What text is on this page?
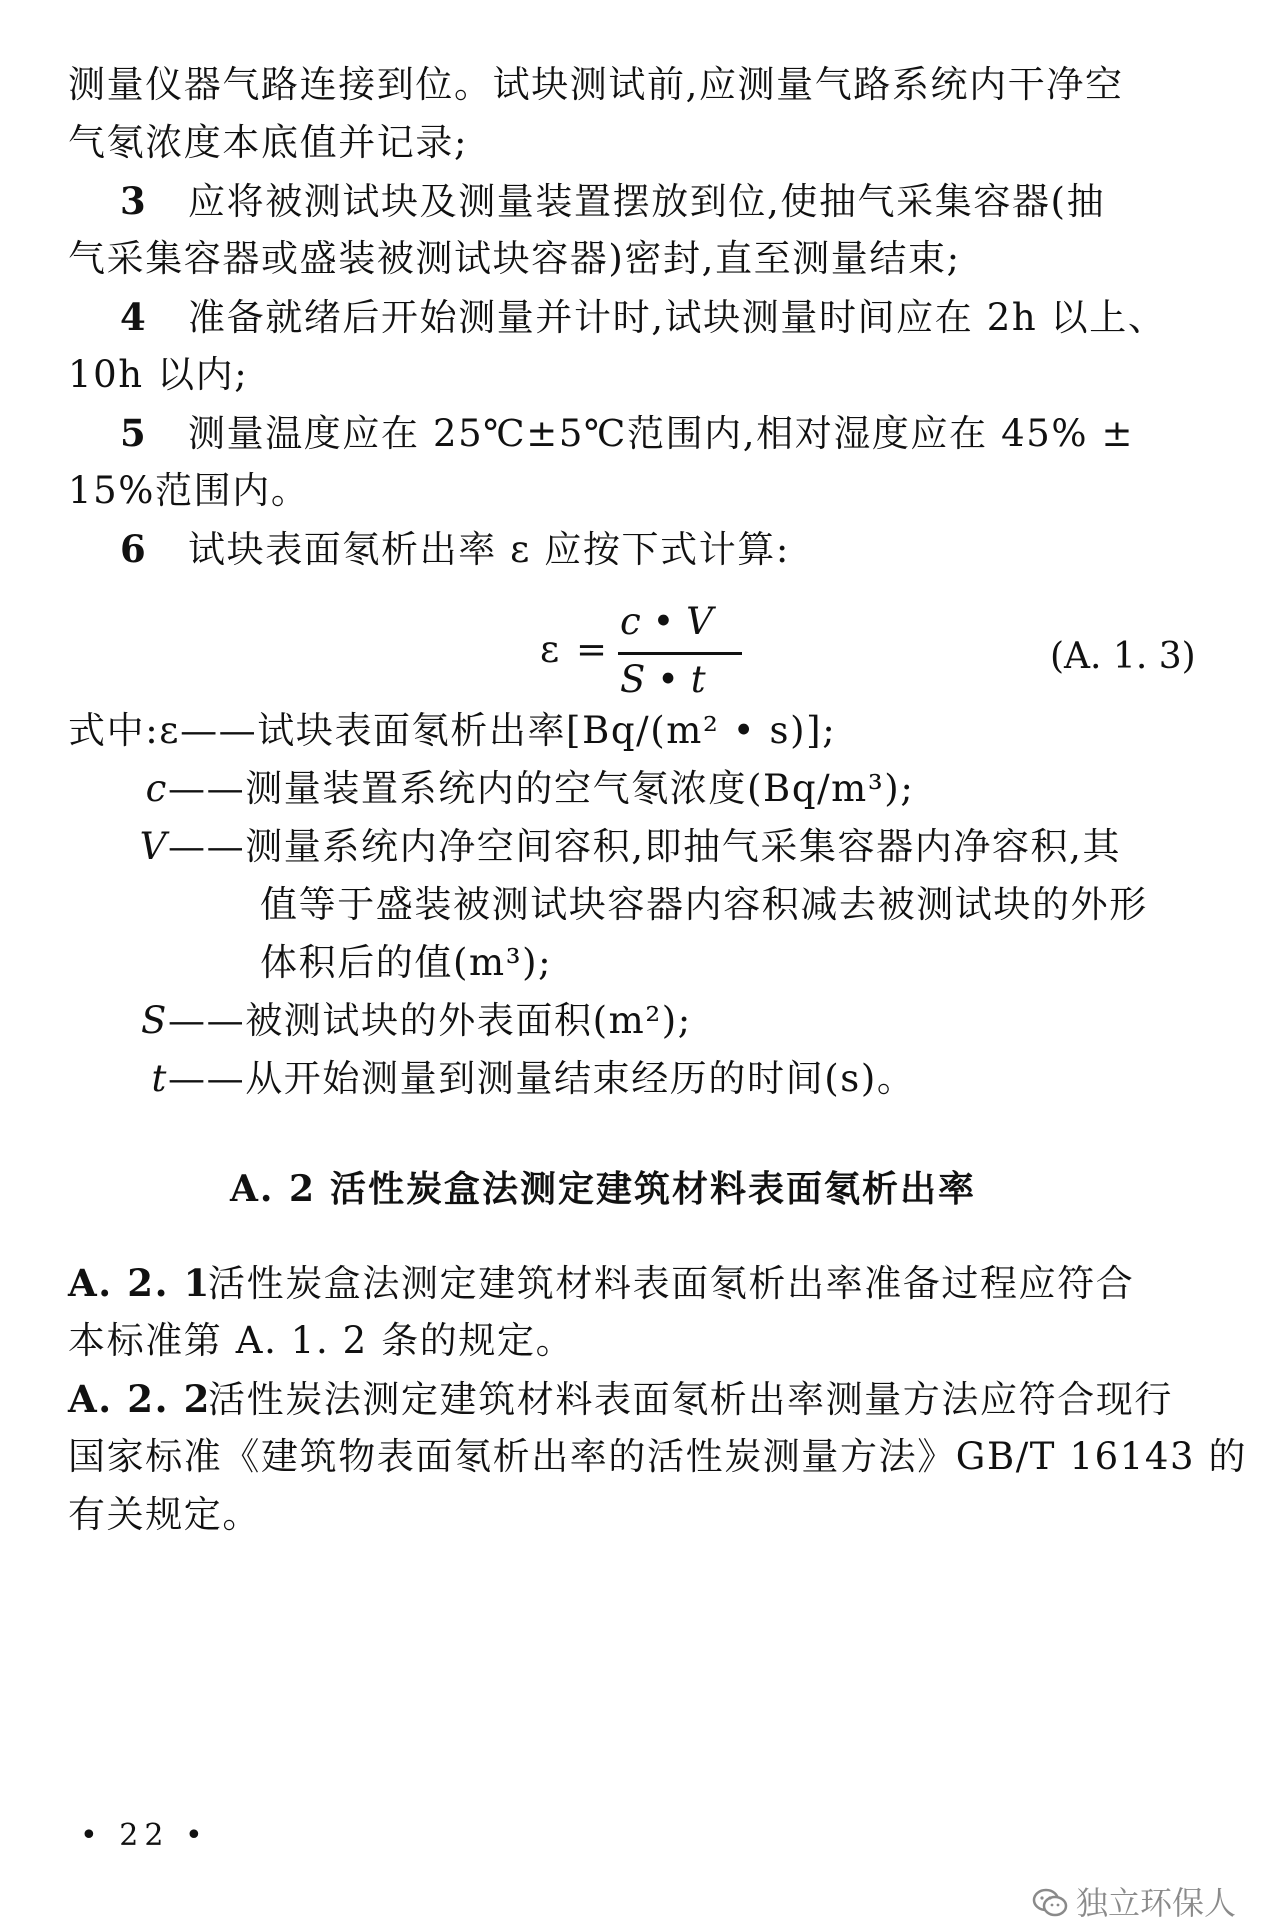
测量仪器气路连接到位。试块测试前,应测量气路系统内干净空
气氡浓度本底值并记录;
3 应将被测试块及测量装置摆放到位,使抽气采集容器(抽
气采集容器或盛装被测试块容器)密封,直至测量结束;
4 准备就绪后开始测量并计时,试块测量时间应在 2h 以上、
10h 以内;
5 测量温度应在 25℃±5℃范围内,相对湿度应在 45% ±
15%范围内。
6 试块表面氡析出率 ε 应按下式计算:
ε =
c • V
S • t
(A. 1. 3)
式中:ε——试块表面氡析出率[Bq/(m² • s)];
c——测量装置系统内的空气氡浓度(Bq/m³);
V——测量系统内净空间容积,即抽气采集容器内净容积,其
值等于盛装被测试块容器内容积减去被测试块的外形
体积后的值(m³);
S——被测试块的外表面积(m²);
t——从开始测量到测量结束经历的时间(s)。
A. 2 活性炭盒法测定建筑材料表面氡析出率
A. 2. 1活性炭盒法测定建筑材料表面氡析出率准备过程应符合
本标准第 A. 1. 2 条的规定。
A. 2. 2活性炭法测定建筑材料表面氡析出率测量方法应符合现行
国家标准《建筑物表面氡析出率的活性炭测量方法》GB/T 16143 的
有关规定。
• 22 •
独立环保人
